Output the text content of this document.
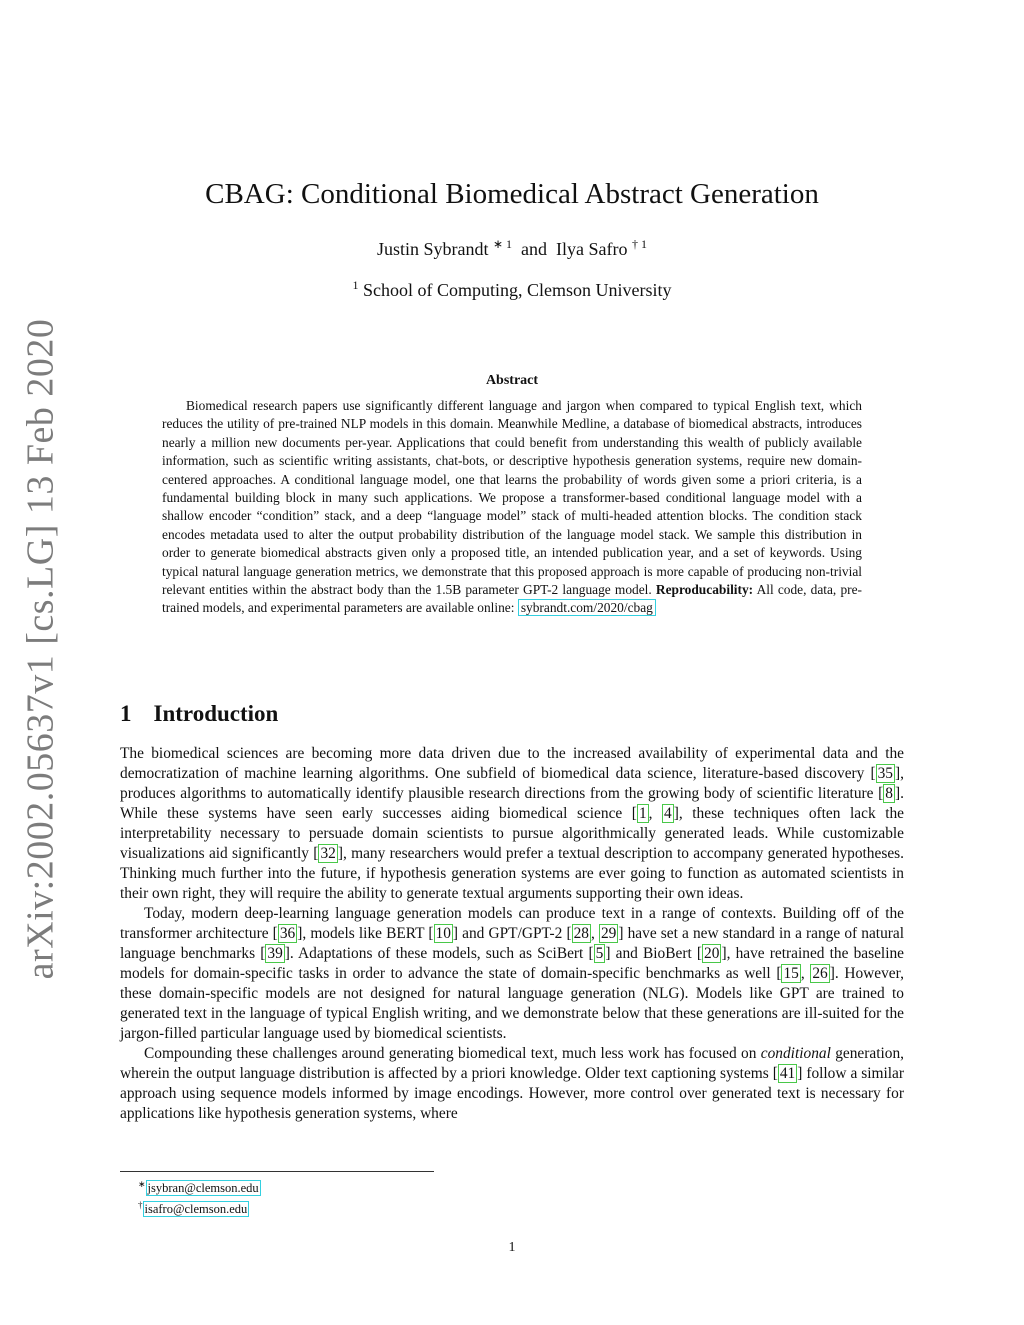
arXiv:2002.05637v1 [cs.LG] 13 Feb 2020
CBAG: Conditional Biomedical Abstract Generation
Justin Sybrandt $^{∗ 1}$ and Ilya Safro $^{\dagger 1}$
$^1$ School of Computing, Clemson University
Abstract

Biomedical research papers use significantly different language and jargon when compared to typical English text, which reduces the utility of pre-trained NLP models in this domain. Meanwhile Medline, a database of biomedical abstracts, introduces nearly a million new documents per-year. Applications that could benefit from understanding this wealth of publicly available information, such as scientific writing assistants, chat-bots, or descriptive hypothesis generation systems, require new domain-centered approaches. A conditional language model, one that learns the probability of words given some a priori criteria, is a fundamental building block in many such applications. We propose a transformer-based conditional language model with a shallow encoder “condition” stack, and a deep “language model” stack of multi-headed attention blocks. The condition stack encodes metadata used to alter the output probability distribution of the language model stack. We sample this distribution in order to generate biomedical abstracts given only a proposed title, an intended publication year, and a set of keywords. Using typical natural language generation metrics, we demonstrate that this proposed approach is more capable of producing non-trivial relevant entities within the abstract body than the 1.5B parameter GPT-2 language model. Reproducability: All code, data, pre-trained models, and experimental parameters are available online: sybrandt.com/2020/cbag

1 Introduction

The biomedical sciences are becoming more data driven due to the increased availability of experimental data and the democratization of machine learning algorithms. One subfield of biomedical data science, literature-based discovery [ 35 ], produces algorithms to automatically identify plausible research directions from the growing body of scientific literature [ 8 ]. While these systems have seen early successes aiding biomedical science [ 1 , 4 ], these techniques often lack the interpretability necessary to persuade domain scientists to pursue algorithmically generated leads. While customizable visualizations aid significantly [ 32 ], many researchers would prefer a textual description to accompany generated hypotheses. Thinking much further into the future, if hypothesis generation systems are ever going to function as automated scientists in their own right, they will require the ability to generate textual arguments supporting their own ideas.

Today, modern deep-learning language generation models can produce text in a range of contexts. Building off of the transformer architecture [ 36 ], models like BERT [ 10 ] and GPT/GPT-2 [ 28 , 29 ] have set a new standard in a range of natural language benchmarks [ 39 ]. Adaptations of these models, such as SciBert [ 5 ] and BioBert [ 20 ], have retrained the baseline models for domain-specific tasks in order to advance the state of domain-specific benchmarks as well [ 15 , 26 ]. However, these domain-specific models are not designed for natural language generation (NLG). Models like GPT are trained to generated text in the language of typical English writing, and we demonstrate below that these generations are ill-suited for the jargon-filled particular language used by biomedical scientists.

Compounding these challenges around generating biomedical text, much less work has focused on conditional generation, wherein the output language distribution is affected by a priori knowledge. Older text captioning systems [ 41 ] follow a similar approach using sequence models informed by image encodings. However, more control over generated text is necessary for applications like hypothesis generation systems, where

∗ jsybran@clemson.edu
† isafro@clemson.edu
1
